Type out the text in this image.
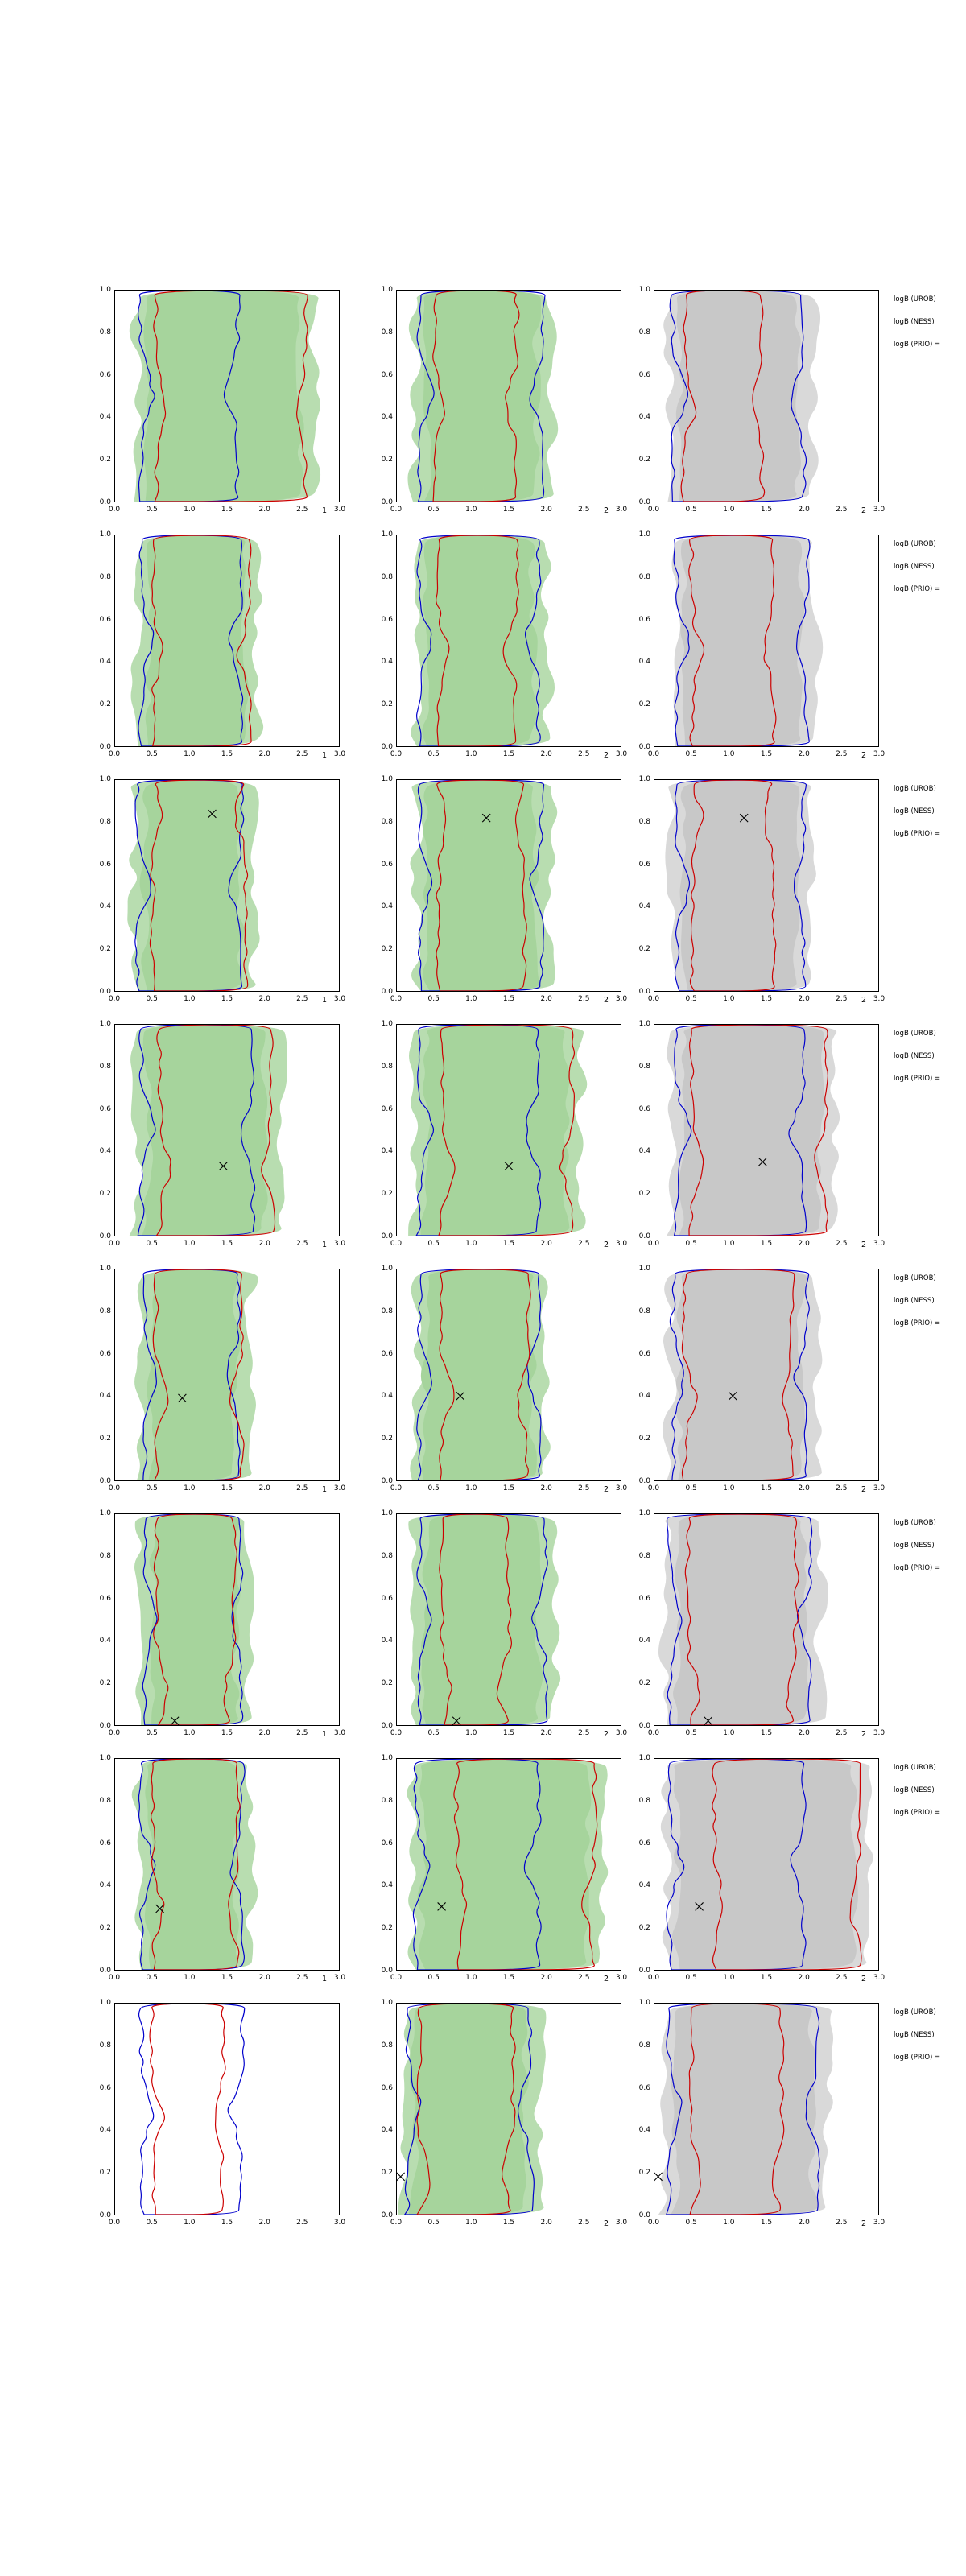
0.0
0.2
0.4
0.6
0.8
1.0
0.0	0.5	1.0	1.5	2.0	2.5	3.0
1
0.0
0.2
0.4
0.6
0.8
1.0
0.0	0.5	1.0	1.5	2.0	2.5	3.0
2
0.0
0.2
0.4
0.6
0.8
1.0
0.0	0.5	1.0	1.5	2.0	2.5	3.0
2
logB (UROB)
logB (NESS)
logB (PRIO) =
0.0
0.2
0.4
0.6
0.8
1.0
0.0	0.5	1.0	1.5	2.0	2.5	3.0
1
0.0
0.2
0.4
0.6
0.8
1.0
0.0	0.5	1.0	1.5	2.0	2.5	3.0
2
0.0
0.2
0.4
0.6
0.8
1.0
0.0	0.5	1.0	1.5	2.0	2.5	3.0
2
logB (UROB)
logB (NESS)
logB (PRIO) =
0.0
0.2
0.4
0.6
0.8
1.0
0.0	0.5	1.0	1.5	2.0	2.5	3.0
1
0.0
0.2
0.4
0.6
0.8
1.0
0.0	0.5	1.0	1.5	2.0	2.5	3.0
2
0.0
0.2
0.4
0.6
0.8
1.0
0.0	0.5	1.0	1.5	2.0	2.5	3.0
2
logB (UROB)
logB (NESS)
logB (PRIO) =
0.0
0.2
0.4
0.6
0.8
1.0
0.0	0.5	1.0	1.5	2.0	2.5	3.0
1
0.0
0.2
0.4
0.6
0.8
1.0
0.0	0.5	1.0	1.5	2.0	2.5	3.0
2
0.0
0.2
0.4
0.6
0.8
1.0
0.0	0.5	1.0	1.5	2.0	2.5	3.0
2
logB (UROB)
logB (NESS)
logB (PRIO) =
0.0
0.2
0.4
0.6
0.8
1.0
0.0	0.5	1.0	1.5	2.0	2.5	3.0
1
0.0
0.2
0.4
0.6
0.8
1.0
0.0	0.5	1.0	1.5	2.0	2.5	3.0
2
0.0
0.2
0.4
0.6
0.8
1.0
0.0	0.5	1.0	1.5	2.0	2.5	3.0
2
logB (UROB)
logB (NESS)
logB (PRIO) =
0.0
0.2
0.4
0.6
0.8
1.0
0.0	0.5	1.0	1.5	2.0	2.5	3.0
1
0.0
0.2
0.4
0.6
0.8
1.0
0.0	0.5	1.0	1.5	2.0	2.5	3.0
2
0.0
0.2
0.4
0.6
0.8
1.0
0.0	0.5	1.0	1.5	2.0	2.5	3.0
2
logB (UROB)
logB (NESS)
logB (PRIO) =
0.0
0.2
0.4
0.6
0.8
1.0
0.0	0.5	1.0	1.5	2.0	2.5	3.0
1
0.0
0.2
0.4
0.6
0.8
1.0
0.0	0.5	1.0	1.5	2.0	2.5	3.0
2
0.0
0.2
0.4
0.6
0.8
1.0
0.0	0.5	1.0	1.5	2.0	2.5	3.0
2
logB (UROB)
logB (NESS)
logB (PRIO) =
0.0
0.2
0.4
0.6
0.8
1.0
0.0	0.5	1.0	1.5	2.0	2.5	3.0
0.0
0.2
0.4
0.6
0.8
1.0
0.0	0.5	1.0	1.5	2.0	2.5	3.0
2
0.0
0.2
0.4
0.6
0.8
1.0
0.0	0.5	1.0	1.5	2.0	2.5	3.0
2
logB (UROB)
logB (NESS)
logB (PRIO) =
